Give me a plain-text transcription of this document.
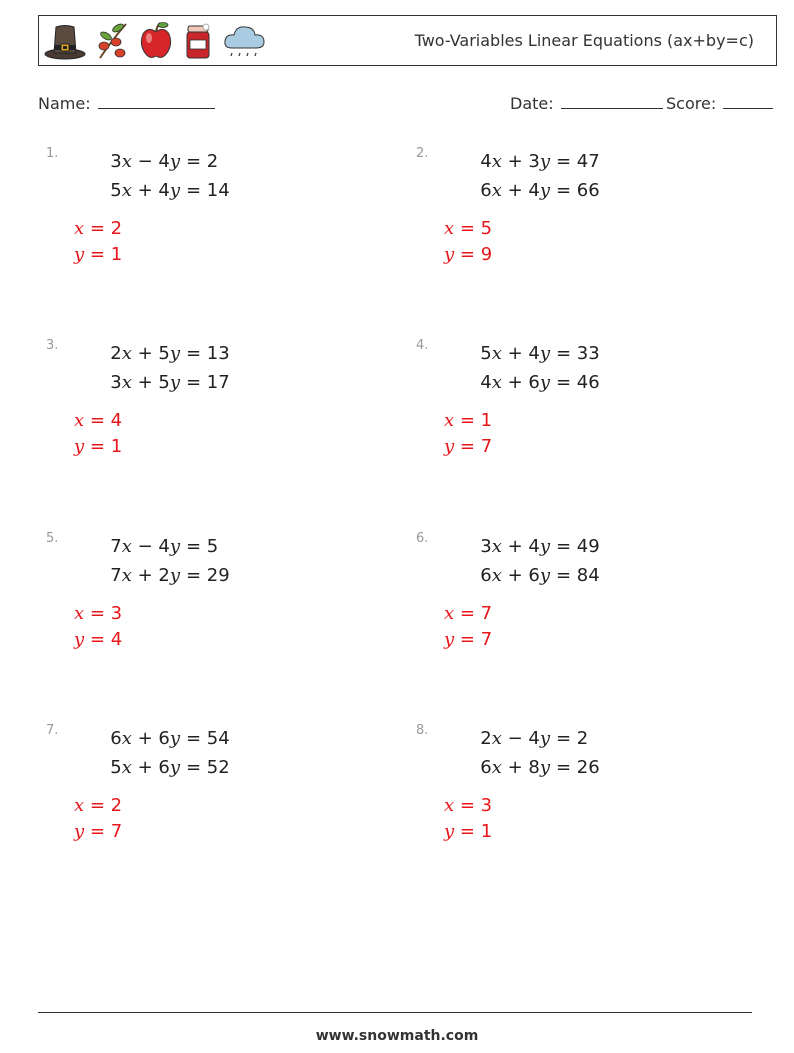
Two-Variables Linear Equations (ax+by=c)
Name:	Date:	Score:
1.	3x − 4y = 2
5x + 4y = 14
x = 2
y = 1
2.	4x + 3y = 47
6x + 4y = 66
x = 5
y = 9
3.	2x + 5y = 13
3x + 5y = 17
x = 4
y = 1
4.	5x + 4y = 33
4x + 6y = 46
x = 1
y = 7
5.	7x − 4y = 5
7x + 2y = 29
x = 3
y = 4
6.	3x + 4y = 49
6x + 6y = 84
x = 7
y = 7
7.	6x + 6y = 54
5x + 6y = 52
x = 2
y = 7
8.	2x − 4y = 2
6x + 8y = 26
x = 3
y = 1
www.snowmath.com
